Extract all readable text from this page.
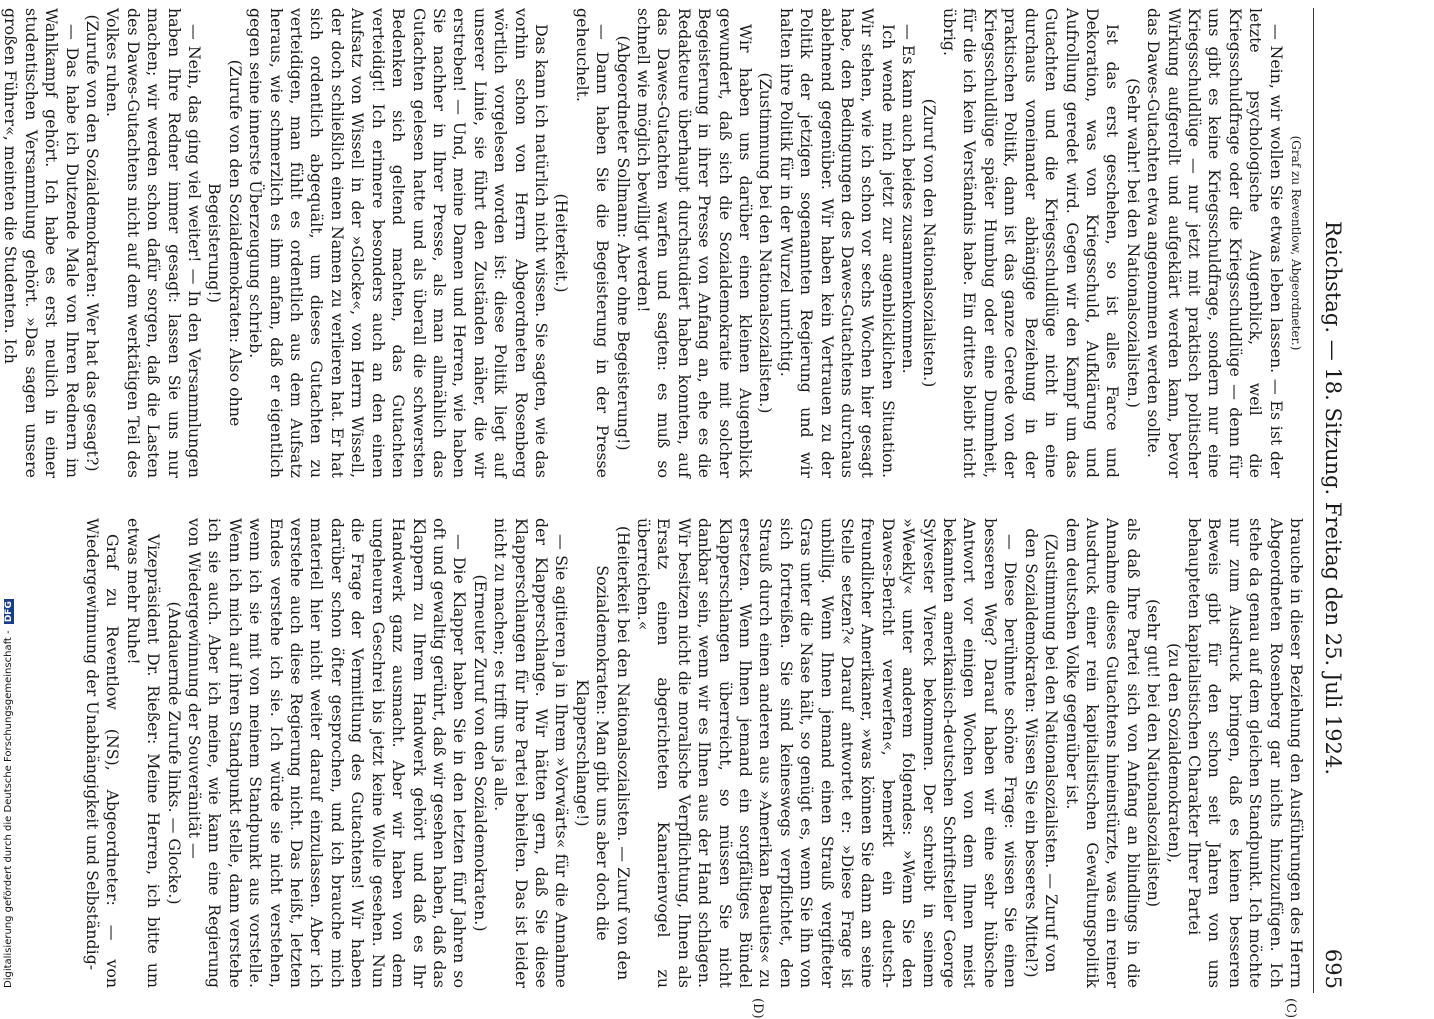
Reichstag. — 18. Sitzung. Freitag den 25. Juli 1924.
695
(C)
(D)

(Graf zu Reventlow, Abgeordneter.)

— Nein, wir wollen Sie etwas leben lassen. — Es ist der letzte psychologische Augenblick, weil die Kriegsschuldfrage oder die Kriegsschuldlüge — denn für uns gibt es keine Kriegsschuldfrage, sondern nur eine Kriegsschuldlüge — nur jetzt mit praktisch politischer Wirkung aufgerollt und aufgeklärt werden kann, bevor das Dawes-Gutachten etwa angenommen werden sollte.

(Sehr wahr! bei den Nationalsozialisten.)

Ist das erst geschehen, so ist alles Farce und Dekoration, was von Kriegsschuld, Aufklärung und Aufrollung geredet wird. Gegen wir den Kampf um das Gutachten und die Kriegsschuldlüge nicht in eine durchaus voneinander abhängige Beziehung in der praktischen Politik, dann ist das ganze Gerede von der Kriegsschuldlüge später Humbug oder eine Dummheit, für die ich kein Verständnis habe. Ein drittes bleibt nicht übrig.

(Zuruf von den Nationalsozialisten.)

— Es kann auch beides zusammenkommen.

Ich wende mich jetzt zur augenblicklichen Situation. Wir stehen, wie ich schon vor sechs Wochen hier gesagt habe, den Bedingungen des Dawes-Gutachtens durchaus ablehnend gegenüber. Wir haben kein Vertrauen zu der Politik der jetzigen sogenannten Regierung und wir halten ihre Politik für in der Wurzel unrichtig.

(Zustimmung bei den Nationalsozialisten.)

Wir haben uns darüber einen kleinen Augenblick gewundert, daß sich die Sozialdemokratie mit solcher Begeisterung in ihrer Presse von Anfang an, ehe es die Redakteure überhaupt durchstudiert haben konnten, auf das Dawes-Gutachten warfen und sagten: es muß so schnell wie möglich bewilligt werden!

(Abgeordneter Sollmann: Aber ohne Begeisterung!)

— Dann haben Sie die Begeisterung in der Presse geheuchelt.

(Heiterkeit.)

Das kann ich natürlich nicht wissen. Sie sagten, wie das vorhin schon von Herrn Abgeordneten Rosenberg wörtlich vorgelesen worden ist: diese Politik liegt auf unserer Linie, sie führt den Zuständen näher, die wir erstreben! — Und, meine Damen und Herren, wie haben Sie nachher in Ihrer Presse, als man allmählich das Gutachten gelesen hatte und als überall die schwersten Bedenken sich geltend machten, das Gutachten verteidigt! Ich erinnere besonders auch an den einen Aufsatz von Wissell in der »Glocke«, von Herrn Wissell, der doch schließlich einen Namen zu verlieren hat. Er hat sich ordentlich abgequält, um dieses Gutachten zu verteidigen, man fühlt es ordentlich aus dem Aufsatz heraus, wie schmerzlich es ihm anfam, daß er eigentlich gegen seine innerste Überzeugung schrieb.

(Zurufe von den Sozialdemokraten: Also ohne Begeisterung!)

— Nein, das ging viel weiter! — In den Versammlungen haben Ihre Redner immer gesagt: lassen Sie uns nur machen; wir werden schon dafür sorgen, daß die Lasten des Dawes-Gutachtens nicht auf dem werktätigen Teil des Volkes ruhen.

(Zurufe von den Sozialdemokraten: Wer hat das gesagt?)

— Das habe ich Dutzende Male von Ihren Rednern im Wahlkampf gehört. Ich habe es erst neulich in einer studentischen Versammlung gehört. »Das sagen unsere großen Führer«, meinten die Studenten. Ich

brauche in dieser Beziehung den Ausführungen des Herrn Abgeordneten Rosenberg gar nichts hinzuzufügen. Ich stehe da genau auf dem gleichen Standpunkt. Ich möchte nur zum Ausdruck bringen, daß es keinen besseren Beweis gibt für den schon seit Jahren von uns behaupteten kapitalistischen Charakter Ihrer Partei

(zu den Sozialdemokraten),

(sehr gut! bei den Nationalsozialisten)

als daß Ihre Partei sich von Anfang an blindlings in die Annahme dieses Gutachtens hineinstürzte, was ein reiner Ausdruck einer rein kapitalistischen Gewaltungspolitik dem deutschen Volke gegenüber ist.

(Zustimmung bei den Nationalsozialisten. — Zuruf von den Sozialdemokraten: Wissen Sie ein besseres Mittel?)

— Diese berühmte schöne Frage: wissen Sie einen besseren Weg? Darauf haben wir eine sehr hübsche Antwort vor einigen Wochen von dem Ihnen meist bekannten amerikanisch-deutschen Schriftsteller George Sylvester Viereck bekommen. Der schreibt in seinem »Weekly« unter anderem folgendes: »Wenn Sie den Dawes-Bericht verwerfen«, bemerkt ein deutsch-freundlicher Amerikaner, »was können Sie dann an seine Stelle setzen?« Darauf antwortet er: »Diese Frage ist unbillig. Wenn Ihnen jemand einen Strauß vergifteter Gras unter die Nase hält, so genügt es, wenn Sie ihn von sich fortreißen. Sie sind keineswegs verpflichtet, den Strauß durch einen anderen aus »Amerikan Beauties« zu ersetzen. Wenn Ihnen jemand ein sorgfältiges Bündel Klapperschlangen überreicht, so müssen Sie nicht dankbar sein, wenn wir es Ihnen aus der Hand schlagen. Wir besitzen nicht die moralische Verpflichtung, Ihnen als Ersatz einen abgerichteten Kanarienvogel zu überreichen.«

(Heiterkeit bei den Nationalsozialisten. — Zuruf von den Sozialdemokraten: Man gibt uns aber doch die Klapperschlange!)

— Sie agitieren ja in Ihrem »Vorwärts« für die Annahme der Klapperschlange. Wir hätten gern, daß Sie diese Klapperschlangen für Ihre Partei behielten. Das ist leider nicht zu machen; es trifft uns ja alle.

(Erneuter Zuruf von den Sozialdemokraten.)

— Die Klapper haben Sie in den letzten fünf Jahren so oft und gewaltig gerührt, daß wir gesehen haben, daß das Klappern zu Ihrem Handwerk gehört und daß es Ihr Handwerk ganz ausmacht. Aber wir haben von dem ungeheuren Geschrei bis jetzt keine Wolle gesehen. Nun die Frage der Vermittlung des Gutachtens! Wir haben darüber schon öfter gesprochen, und ich brauche mich materiell hier nicht weiter darauf einzulassen. Aber ich verstehe auch diese Regierung nicht. Das heißt, letzten Endes verstehe ich sie. Ich würde sie nicht verstehen, wenn ich sie mit von meinem Standpunkt aus vorstelle. Wenn ich mich auf ihren Standpunkt stelle, dann verstehe ich sie auch. Aber ich meine, wie kann eine Regierung von Wiedergewinnung der Souveränität —

(Andauernde Zurufe links. — Glocke.)

Vizepräsident Dr. Rießer: Meine Herren, ich bitte um etwas mehr Ruhe!

Graf zu Reventlow (NS), Abgeordneter: — von Wiedergewinnung der Unabhängigkeit und Selbständig-

Digitalisierung gefördert durch die Deutsche Forschungsgemeinschaft - DFG
